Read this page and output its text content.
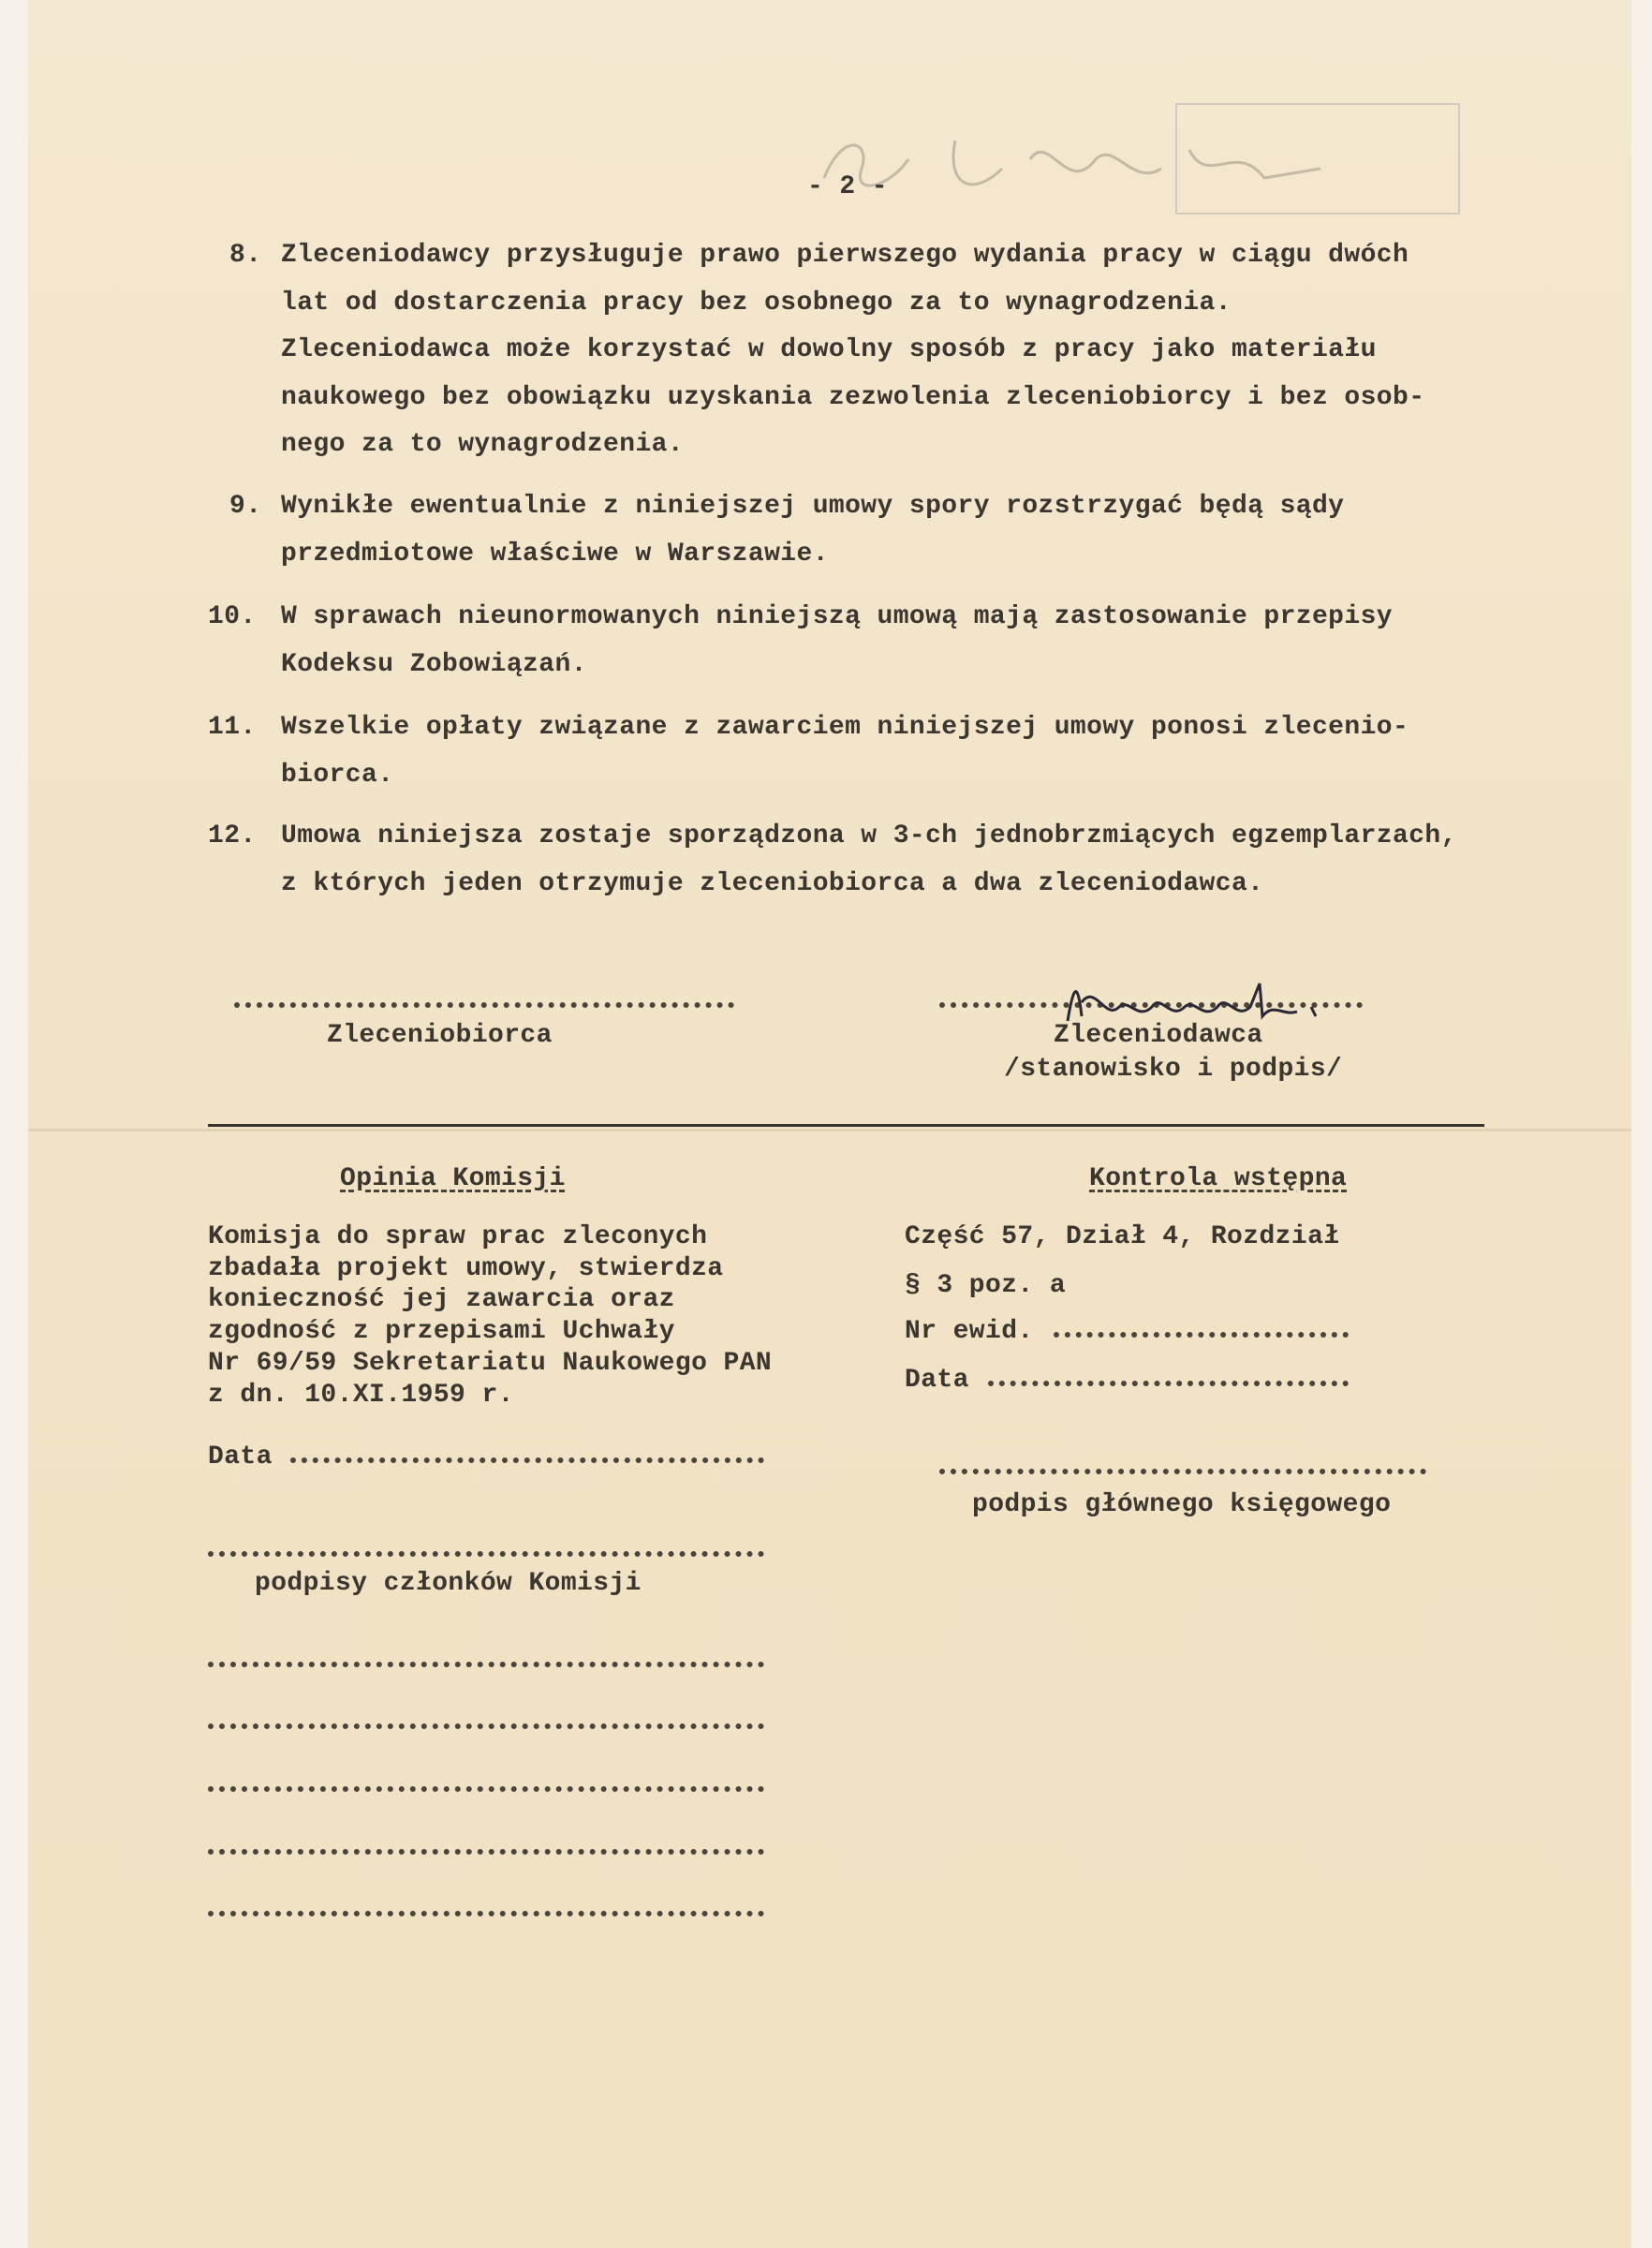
- 2 -
8. Zleceniodawcy przysługuje prawo pierwszego wydania pracy w ciągu dwóch
lat od dostarczenia pracy bez osobnego za to wynagrodzenia.
Zleceniodawca może korzystać w dowolny sposób z pracy jako materiału
naukowego bez obowiązku uzyskania zezwolenia zleceniobiorcy i bez osob-
nego za to wynagrodzenia.
9. Wynikłe ewentualnie z niniejszej umowy spory rozstrzygać będą sądy
przedmiotowe właściwe w Warszawie.
10. W sprawach nieunormowanych niniejszą umową mają zastosowanie przepisy
Kodeksu Zobowiązań.
11. Wszelkie opłaty związane z zawarciem niniejszej umowy ponosi zlecenio-
biorca.
12. Umowa niniejsza zostaje sporządzona w 3-ch jednobrzmiących egzemplarzach,
z których jeden otrzymuje zleceniobiorca a dwa zleceniodawca.
Zleceniobiorca	Zleceniodawca
/stanowisko i podpis/
Opinia Komisji
Komisja do spraw prac zleconych
zbadała projekt umowy, stwierdza
konieczność jej zawarcia oraz
zgodność z przepisami Uchwały
Nr 69/59 Sekretariatu Naukowego PAN
z dn. 10.XI.1959 r.
Data
podpisy członków Komisji
Kontrola wstępna
Część 57, Dział 4, Rozdział
§ 3 poz. a
Nr ewid.
Data
podpis głównego księgowego
